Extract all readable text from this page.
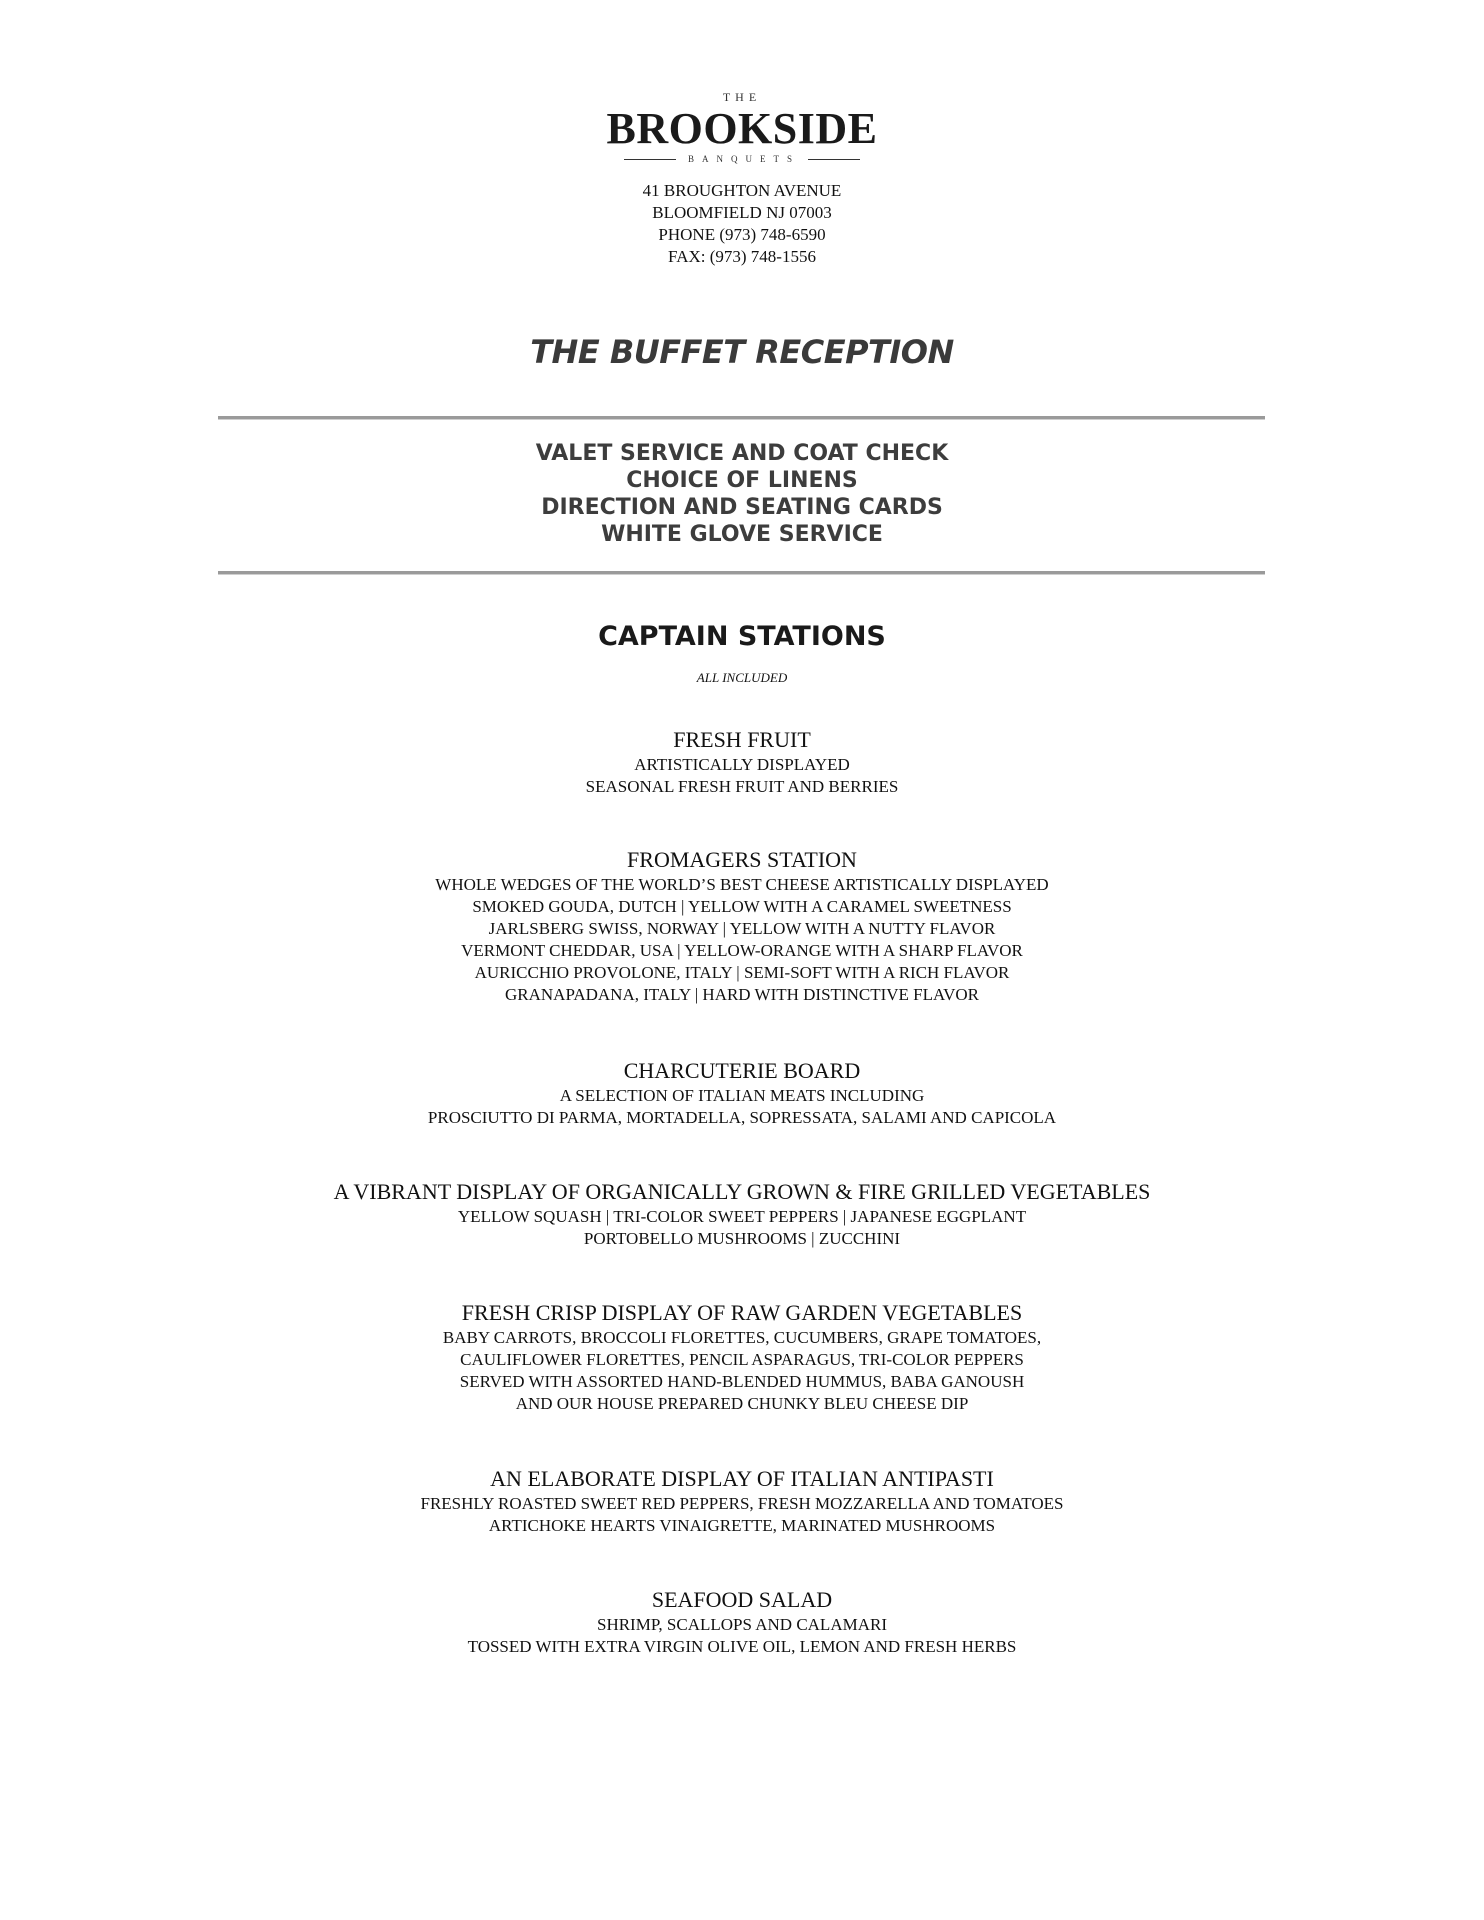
THE
BROOKSIDE
BANQUETS
41 BROUGHTON AVENUE
BLOOMFIELD NJ 07003
PHONE (973) 748-6590
FAX: (973) 748-1556
THE BUFFET RECEPTION
VALET SERVICE AND COAT CHECK
CHOICE OF LINENS
DIRECTION AND SEATING CARDS
WHITE GLOVE SERVICE
CAPTAIN STATIONS
ALL INCLUDED
FRESH FRUIT
ARTISTICALLY DISPLAYED
SEASONAL FRESH FRUIT AND BERRIES
FROMAGERS STATION
WHOLE WEDGES OF THE WORLD’S BEST CHEESE ARTISTICALLY DISPLAYED
SMOKED GOUDA, DUTCH | YELLOW WITH A CARAMEL SWEETNESS
JARLSBERG SWISS, NORWAY | YELLOW WITH A NUTTY FLAVOR
VERMONT CHEDDAR, USA | YELLOW-ORANGE WITH A SHARP FLAVOR
AURICCHIO PROVOLONE, ITALY | SEMI-SOFT WITH A RICH FLAVOR
GRANAPADANA, ITALY | HARD WITH DISTINCTIVE FLAVOR
CHARCUTERIE BOARD
A SELECTION OF ITALIAN MEATS INCLUDING
PROSCIUTTO DI PARMA, MORTADELLA, SOPRESSATA, SALAMI AND CAPICOLA
A VIBRANT DISPLAY OF ORGANICALLY GROWN & FIRE GRILLED VEGETABLES
YELLOW SQUASH | TRI-COLOR SWEET PEPPERS | JAPANESE EGGPLANT
PORTOBELLO MUSHROOMS | ZUCCHINI
FRESH CRISP DISPLAY OF RAW GARDEN VEGETABLES
BABY CARROTS, BROCCOLI FLORETTES, CUCUMBERS, GRAPE TOMATOES,
CAULIFLOWER FLORETTES, PENCIL ASPARAGUS, TRI-COLOR PEPPERS
SERVED WITH ASSORTED HAND-BLENDED HUMMUS, BABA GANOUSH
AND OUR HOUSE PREPARED CHUNKY BLEU CHEESE DIP
AN ELABORATE DISPLAY OF ITALIAN ANTIPASTI
FRESHLY ROASTED SWEET RED PEPPERS, FRESH MOZZARELLA AND TOMATOES
ARTICHOKE HEARTS VINAIGRETTE, MARINATED MUSHROOMS
SEAFOOD SALAD
SHRIMP, SCALLOPS AND CALAMARI
TOSSED WITH EXTRA VIRGIN OLIVE OIL, LEMON AND FRESH HERBS
